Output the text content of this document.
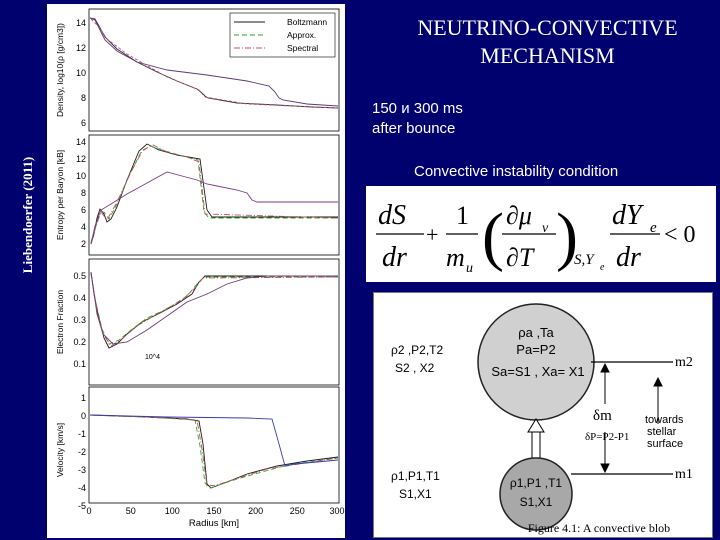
14
12
10
8
6
14
12
10
8
6
4
2
0.5
0.4
0.3
0.2
0.1
1
0
-1
-2
-3
-4
-5
Density, log10(ρ [g/cm3])
Entropy per Baryon [kB]
Electron Fraction
Velocity [km/s]
0	50	100	150	200	250	300
Radius [km]
10^4
Boltzmann
Approx.
Spectral
Liebendoerfer (2011)
NEUTRINO-CONVECTIVE
MECHANISM
150 и 300 ms
after bounce
Convective instability condition
dS
dr
+
1
m u ( ∂μ ν
∂T )
S,Y e
dY e
dr
< 0
ρa ,Ta
Pa=P2
Sa=S1 , Xa= X1
ρ1,P1 ,T1
S1,X1
ρ2 ,P2,T2
S2 , X2
ρ1,P1,T1
S1,X1
m2
m1
δm
δP=P2-P1
towards
stellar
surface
Figure 4.1: A convective blob
